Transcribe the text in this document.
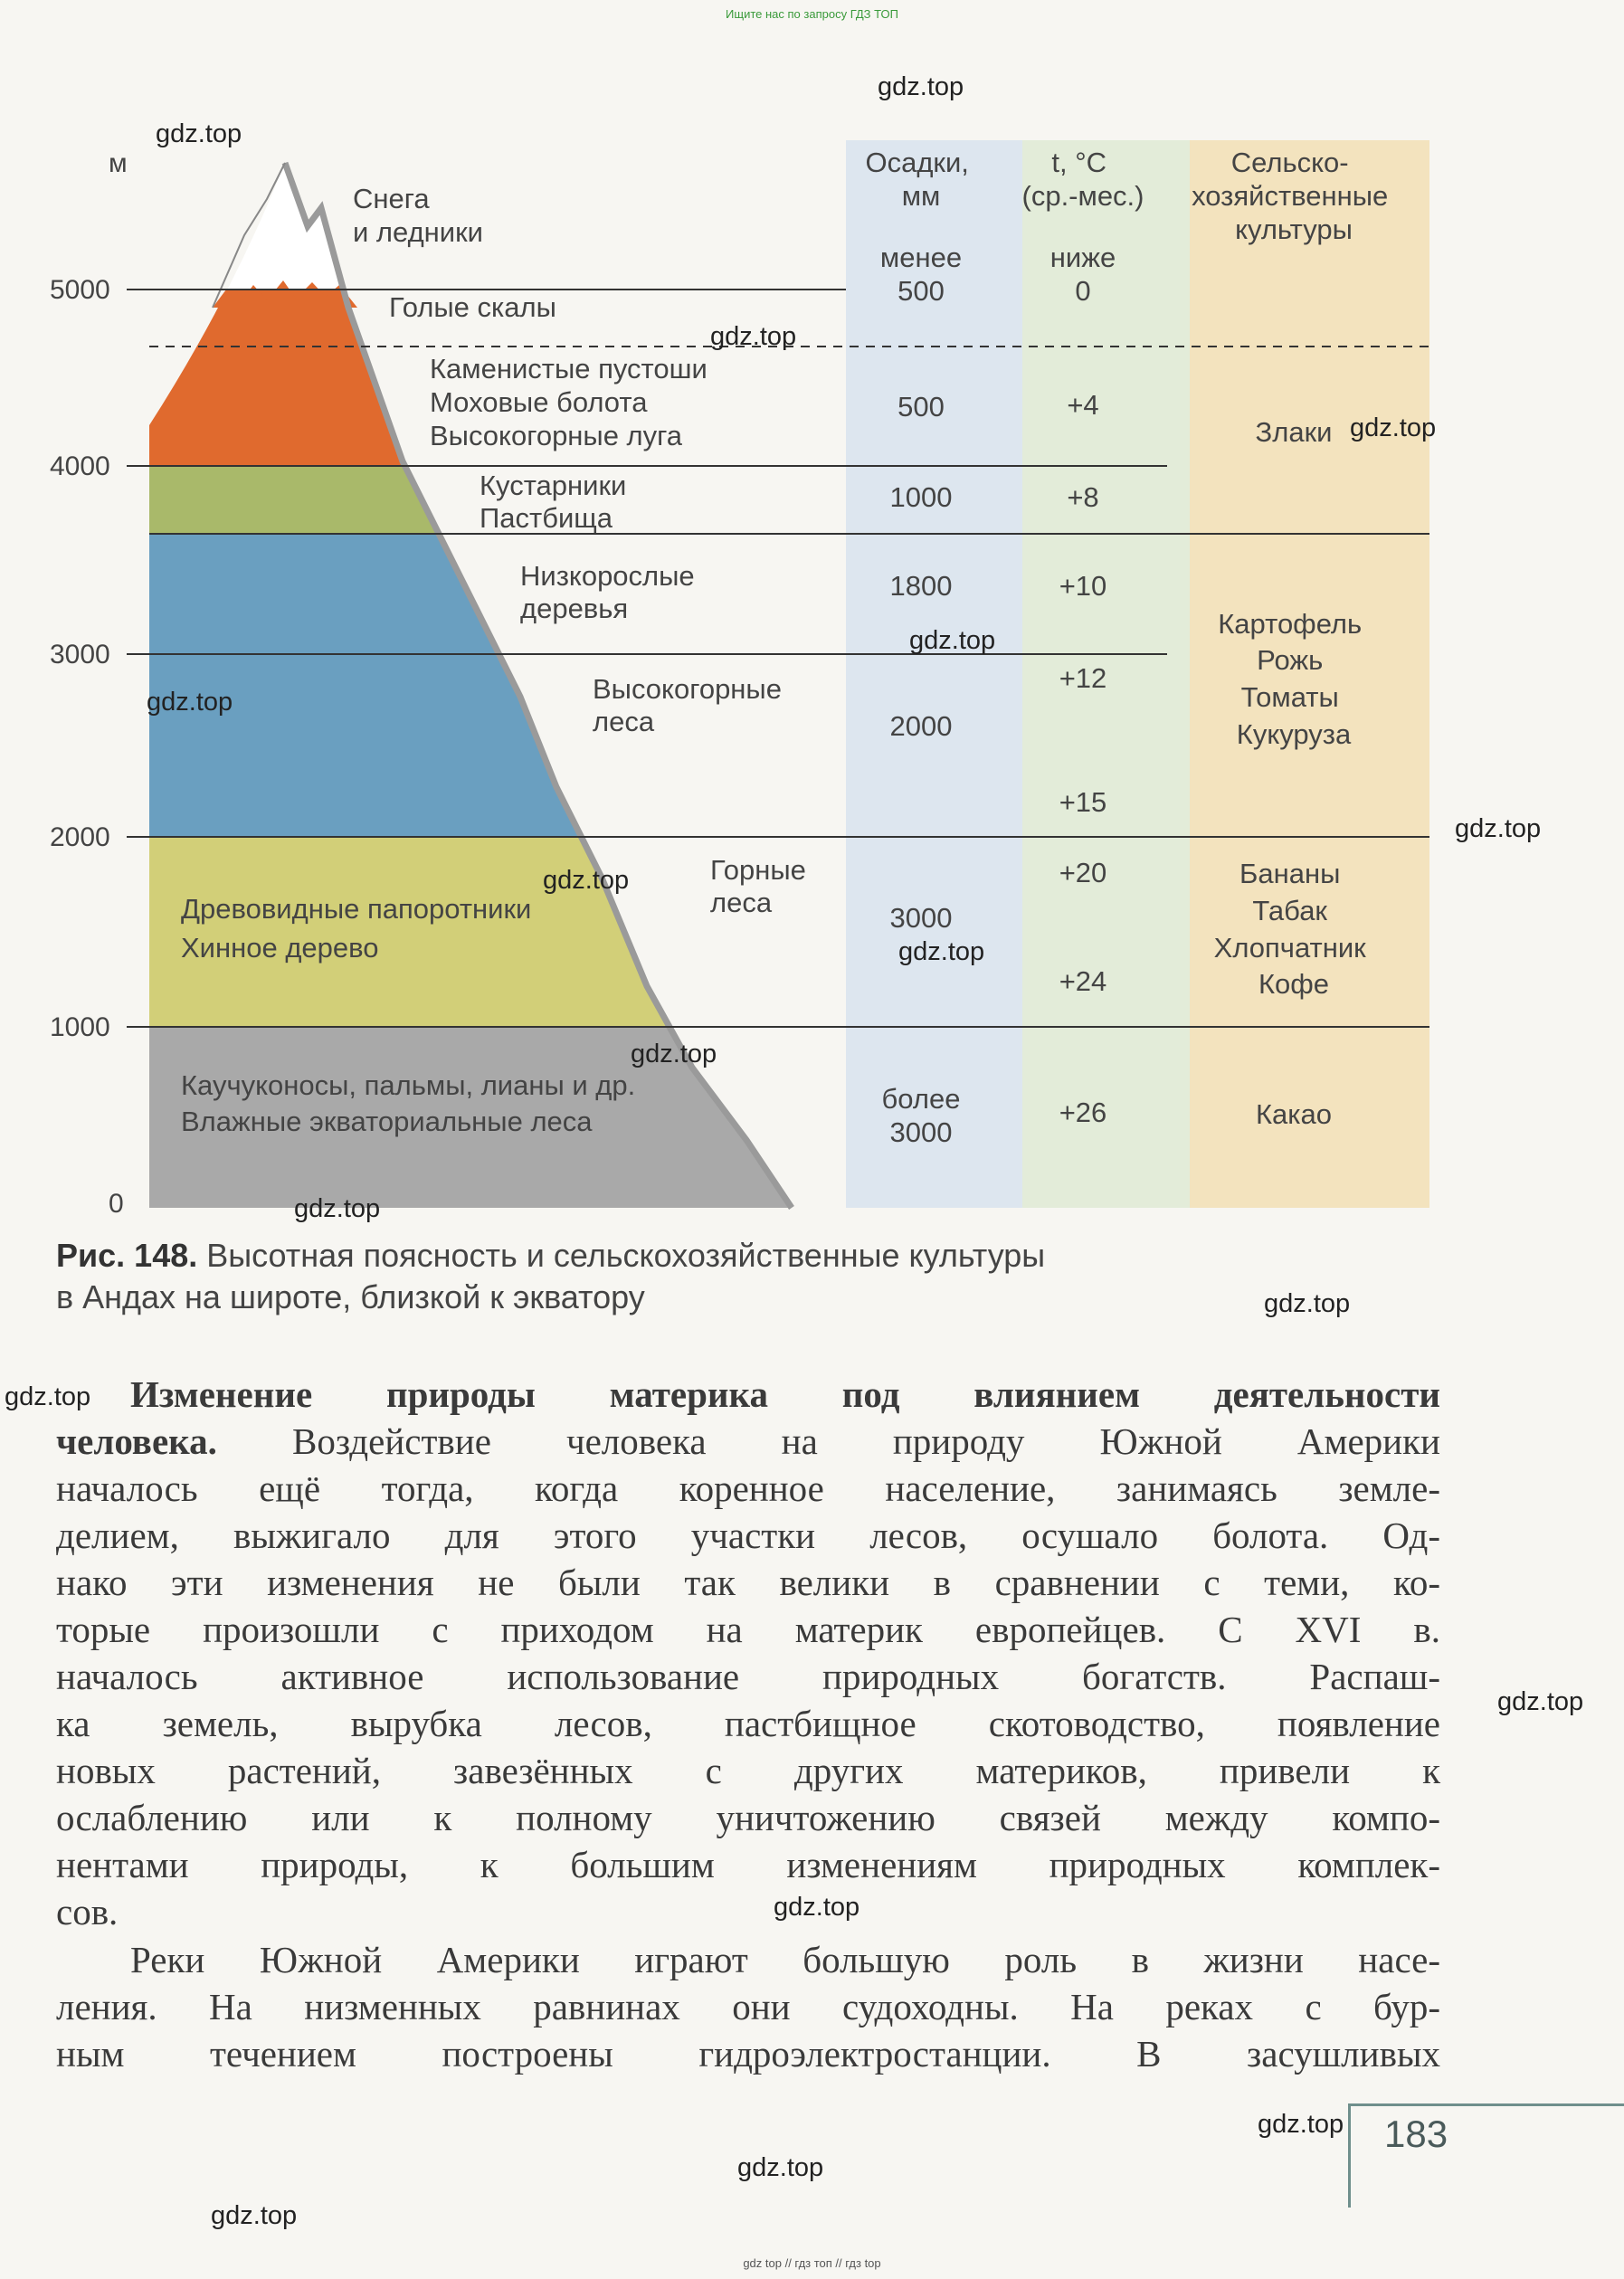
Ищите нас по запросу ГДЗ ТОП
м
5000
4000
3000
2000
1000
0
Осадки, мм
t, °C (ср.-мес.)
Сельско- хозяйственные культуры
Снега и ледники
Голые скалы
Каменистые пустоши Моховые болота Высокогорные луга
Кустарники Пастбища
Низкорослые деревья
Высокогорные леса
Горные леса
Древовидные папоротники Хинное дерево
Каучуконосы, пальмы, лианы и др. Влажные экваториальные леса
менее 500
500
1000
1800
2000
3000
более 3000
ниже 0
+4
+8
+10
+12
+15
+20
+24
+26
Злаки
Картофель Рожь Томаты Кукуруза
Бананы Табак Хлопчатник Кофе
Какао
Рис. 148. Высотная поясность и сельскохозяйственные культуры
в Андах на широте, близкой к экватору
Изменение природы материка под влиянием деятельности
человека. Воздействие человека на природу Южной Америки
началось ещё тогда, когда коренное население, занимаясь земле-
делием, выжигало для этого участки лесов, осушало болота. Од-
нако эти изменения не были так велики в сравнении с теми, ко-
торые произошли с приходом на материк европейцев. С XVI в.
началось активное использование природных богатств. Распаш-
ка земель, вырубка лесов, пастбищное скотоводство, появление
новых растений, завезённых с других материков, привели к
ослаблению или к полному уничтожению связей между компо-
нентами природы, к большим изменениям природных комплек-
сов.
Реки Южной Америки играют большую роль в жизни насе-
ления. На низменных равнинах они судоходны. На реках с бур-
ным течением построены гидроэлектростанции. В засушливых
183
gdz.top
gdz.top
gdz.top
gdz.top
gdz.top
gdz.top
gdz.top
gdz.top
gdz.top
gdz.top
gdz.top
gdz.top
gdz.top
gdz.top
gdz.top
gdz.top
gdz.top
gdz.top
gdz top // гдз топ // гдз top
